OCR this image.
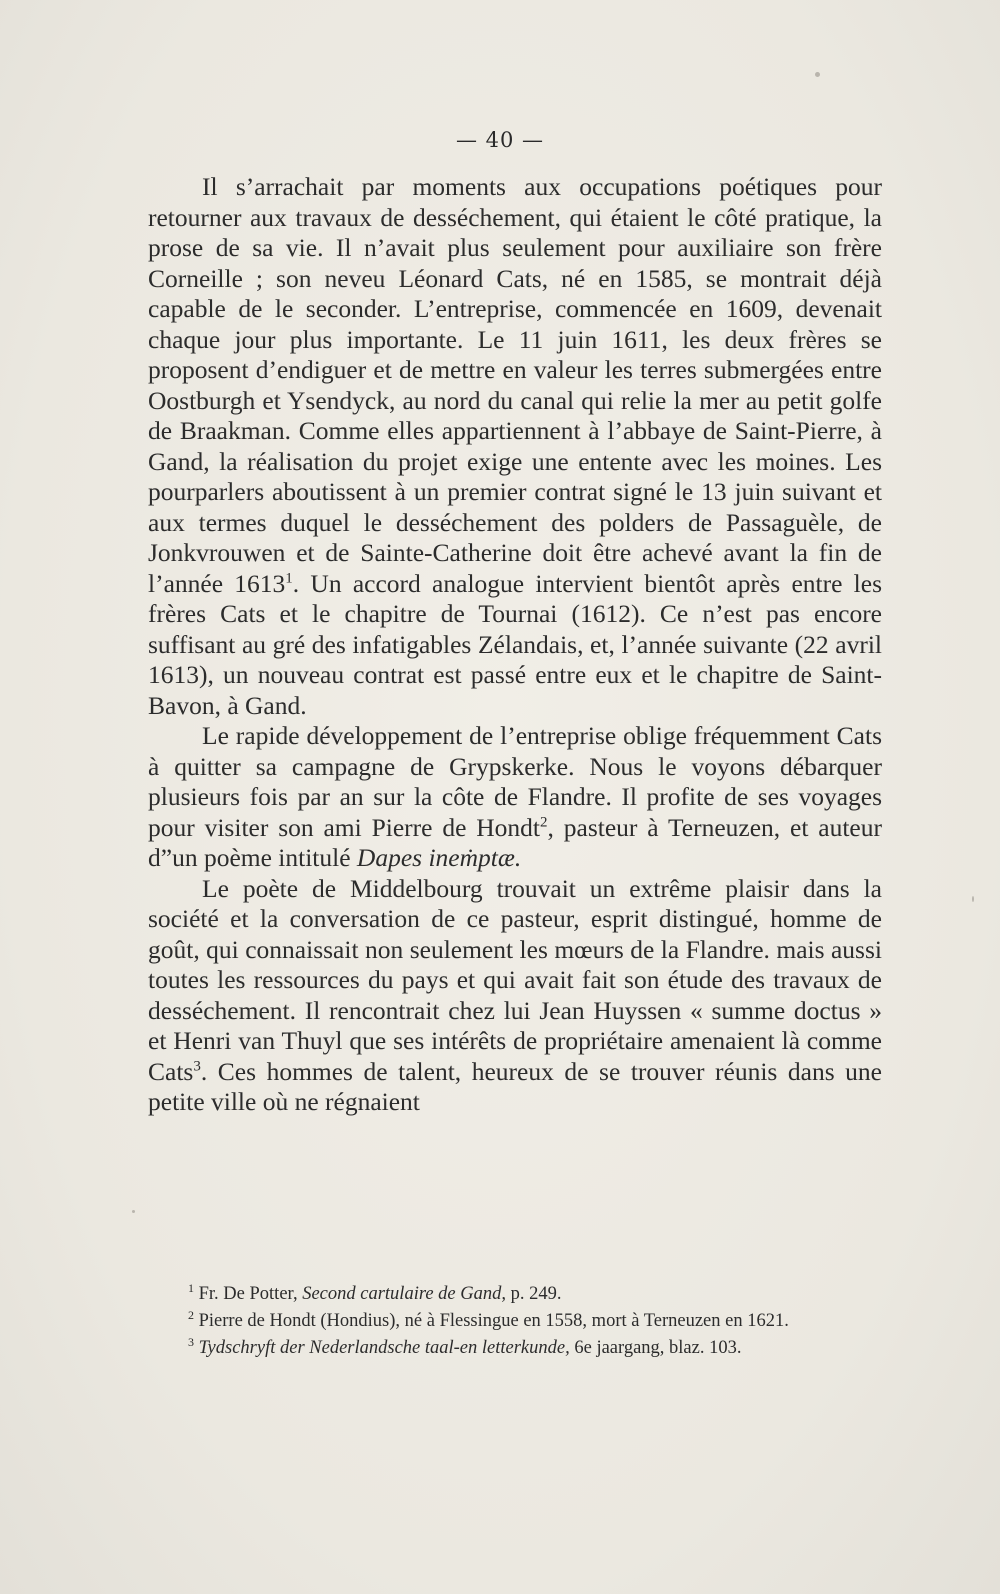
— 40 —

Il s’arrachait par moments aux occupations poétiques pour retourner aux travaux de desséchement, qui étaient le côté pratique, la prose de sa vie. Il n’avait plus seulement pour auxiliaire son frère Corneille ; son neveu Léonard Cats, né en 1585, se montrait déjà capable de le seconder. L’entreprise, commencée en 1609, devenait chaque jour plus importante. Le 11 juin 1611, les deux frères se proposent d’endiguer et de mettre en valeur les terres submergées entre Oostburgh et Ysendyck, au nord du canal qui relie la mer au petit golfe de Braakman. Comme elles appartiennent à l’abbaye de Saint-Pierre, à Gand, la réalisation du projet exige une entente avec les moines. Les pourparlers aboutissent à un premier contrat signé le 13 juin suivant et aux termes duquel le desséchement des polders de Passaguèle, de Jonkvrouwen et de Sainte-Catherine doit être achevé avant la fin de l’année 1613$^1$. Un accord analogue intervient bientôt après entre les frères Cats et le chapitre de Tournai (1612). Ce n’est pas encore suffisant au gré des infatigables Zélandais, et, l’année suivante (22 avril 1613), un nouveau contrat est passé entre eux et le chapitre de Saint-Bavon, à Gand.

Le rapide développement de l’entreprise oblige fréquemment Cats à quitter sa campagne de Grypskerke. Nous le voyons débarquer plusieurs fois par an sur la côte de Flandre. Il profite de ses voyages pour visiter son ami Pierre de Hondt$^2$, pasteur à Terneuzen, et auteur d”un poème intitulé Dapes ineṁptæ.

Le poète de Middelbourg trouvait un extrême plaisir dans la société et la conversation de ce pasteur, esprit distingué, homme de goût, qui connaissait non seulement les mœurs de la Flandre. mais aussi toutes les ressources du pays et qui avait fait son étude des travaux de desséchement. Il rencontrait chez lui Jean Huyssen « summe doctus » et Henri van Thuyl que ses intérêts de propriétaire amenaient là comme Cats$^3$. Ces hommes de talent, heureux de se trouver réunis dans une petite ville où ne régnaient

$^1$ Fr. De Potter, Second cartulaire de Gand, p. 249.

$^2$ Pierre de Hondt (Hondius), né à Flessingue en 1558, mort à Terneuzen en 1621.

$^3$ Tydschryft der Nederlandsche taal-en letterkunde, 6e jaargang, blaz. 103.
